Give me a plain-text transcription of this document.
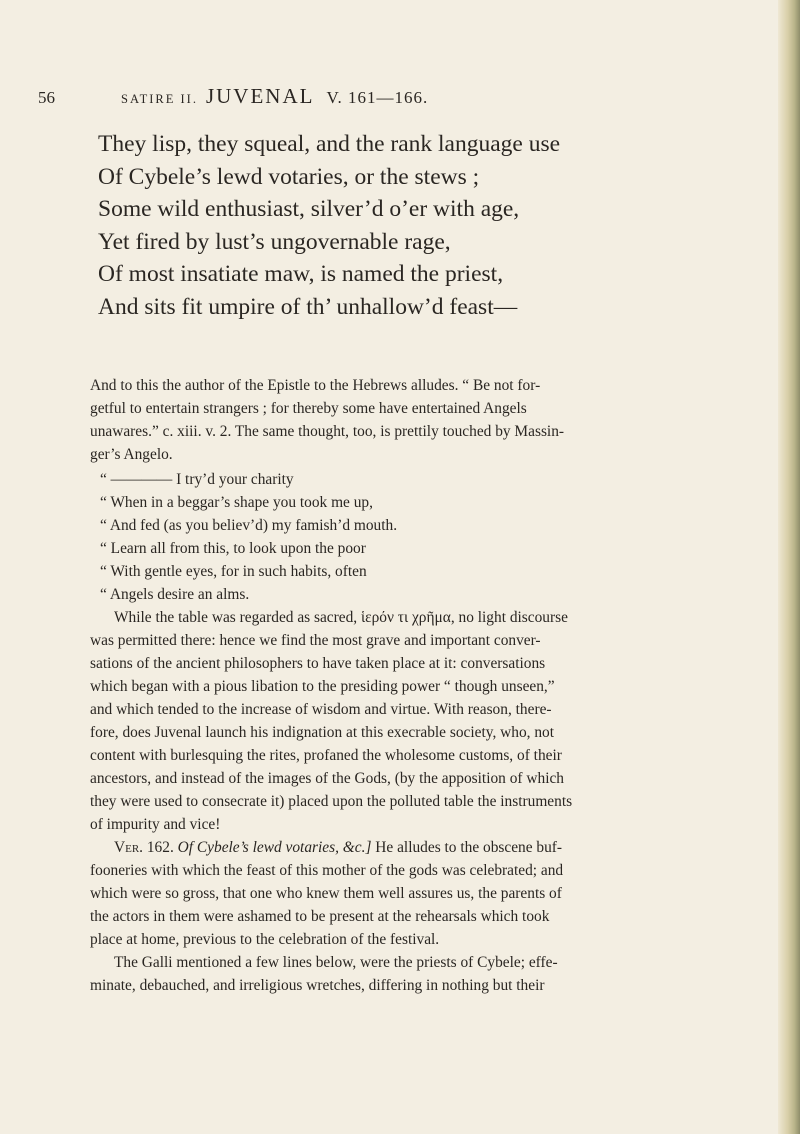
56	SATIRE II. JUVENAL V. 161—166.
They lisp, they squeal, and the rank language use
Of Cybele’s lewd votaries, or the stews ;
Some wild enthusiast, silver’d o’er with age,
Yet fired by lust’s ungovernable rage,
Of most insatiate maw, is named the priest,
And sits fit umpire of th’ unhallow’d feast—
And to this the author of the Epistle to the Hebrews alludes. “ Be not for-
getful to entertain strangers ; for thereby some have entertained Angels
unawares.” c. xiii. v. 2. The same thought, too, is prettily touched by Massin-
ger’s Angelo.
“ ———— I try’d your charity
“ When in a beggar’s shape you took me up,
“ And fed (as you believ’d) my famish’d mouth.
“ Learn all from this, to look upon the poor
“ With gentle eyes, for in such habits, often
“ Angels desire an alms.
While the table was regarded as sacred, ἱερόν τι χρῆμα, no light discourse
was permitted there: hence we find the most grave and important conver-
sations of the ancient philosophers to have taken place at it: conversations
which began with a pious libation to the presiding power “ though unseen,”
and which tended to the increase of wisdom and virtue. With reason, there-
fore, does Juvenal launch his indignation at this execrable society, who, not
content with burlesquing the rites, profaned the wholesome customs, of their
ancestors, and instead of the images of the Gods, (by the apposition of which
they were used to consecrate it) placed upon the polluted table the instruments
of impurity and vice!
Ver. 162. Of Cybele’s lewd votaries, &c.] He alludes to the obscene buf-
fooneries with which the feast of this mother of the gods was celebrated; and
which were so gross, that one who knew them well assures us, the parents of
the actors in them were ashamed to be present at the rehearsals which took
place at home, previous to the celebration of the festival.
The Galli mentioned a few lines below, were the priests of Cybele; effe-
minate, debauched, and irreligious wretches, differing in nothing but their
